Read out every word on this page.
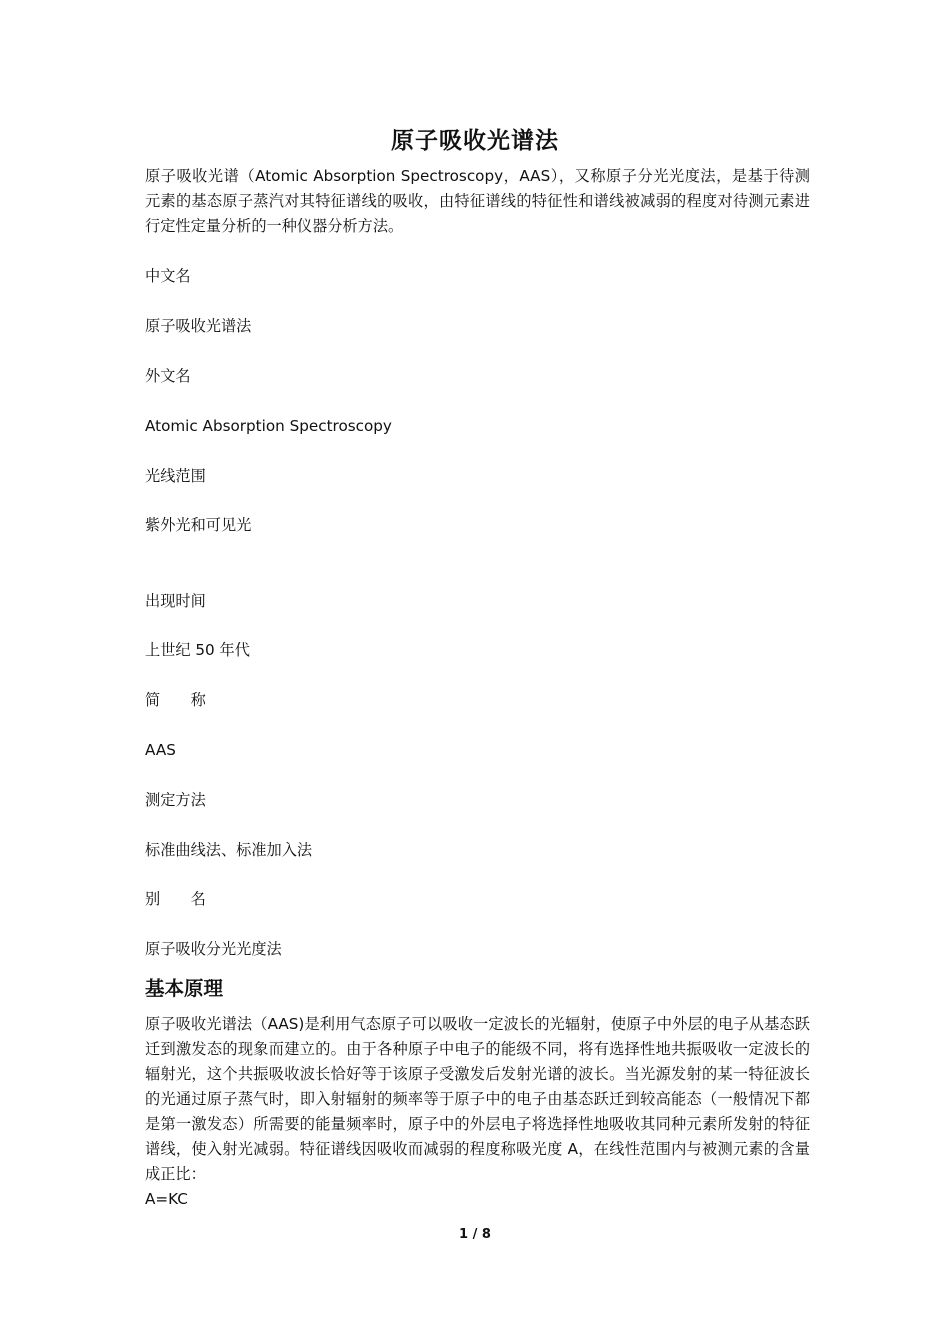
原子吸收光谱法
原子吸收光谱（Atomic Absorption Spectroscopy，AAS），又称原子分光光度法，是基于待测元素的基态原子蒸汽对其特征谱线的吸收，由特征谱线的特征性和谱线被减弱的程度对待测元素进行定性定量分析的一种仪器分析方法。
中文名
原子吸收光谱法
外文名
Atomic Absorption Spectroscopy
光线范围
紫外光和可见光
出现时间
上世纪 50 年代
简　　称
AAS
测定方法
标准曲线法、标准加入法
别　　名
原子吸收分光光度法
基本原理
原子吸收光谱法（AAS)是利用气态原子可以吸收一定波长的光辐射，使原子中外层的电子从基态跃迁到激发态的现象而建立的。由于各种原子中电子的能级不同，将有选择性地共振吸收一定波长的辐射光，这个共振吸收波长恰好等于该原子受激发后发射光谱的波长。当光源发射的某一特征波长的光通过原子蒸气时，即入射辐射的频率等于原子中的电子由基态跃迁到较高能态（一般情况下都是第一激发态）所需要的能量频率时，原子中的外层电子将选择性地吸收其同种元素所发射的特征谱线，使入射光减弱。特征谱线因吸收而减弱的程度称吸光度 A，在线性范围内与被测元素的含量成正比：
A=KC
1 / 8
